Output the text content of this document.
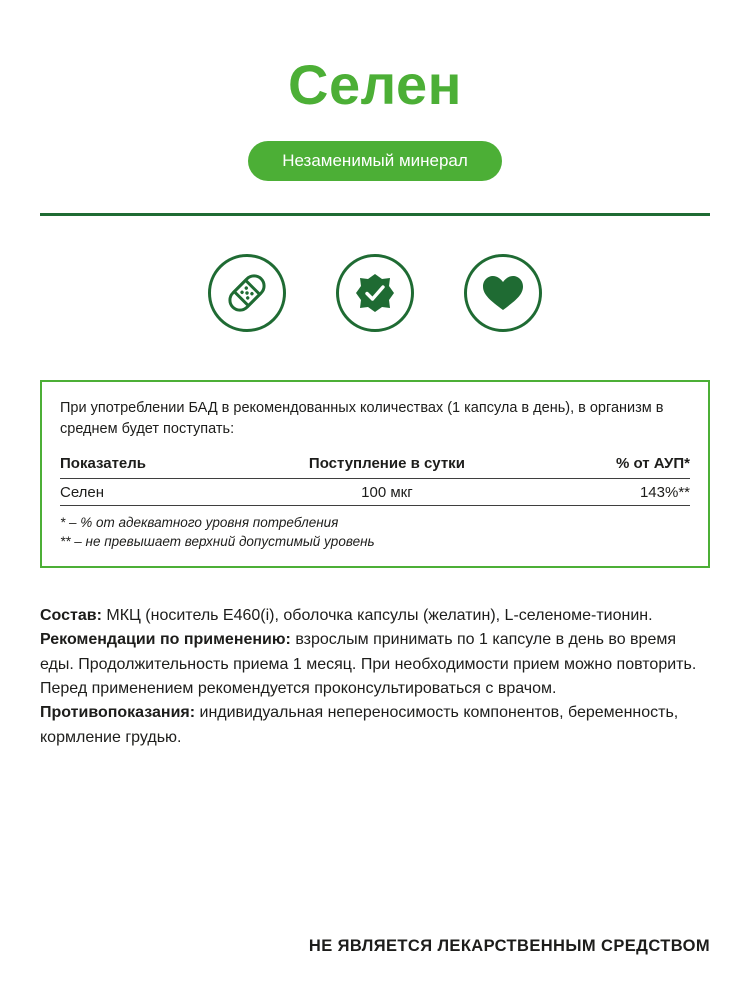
Селен
Незаменимый минерал
При употреблении БАД в рекомендованных количествах (1 капсула в день), в организм в среднем будет поступать:
Показатель	Поступление в сутки	% от АУП*
Селен	100 мкг	143%**
* – % от адекватного уровня потребления
** – не превышает верхний допустимый уровень

Состав: МКЦ (носитель Е460(i), оболочка капсулы (желатин), L-селеноме-тионин.

Рекомендации по применению: взрослым принимать по 1 капсуле в день во время еды. Продолжительность приема 1 месяц. При необходимости прием можно повторить. Перед применением рекомендуется проконсультироваться с врачом.

Противопоказания: индивидуальная непереносимость компонентов, беременность, кормление грудью.

НЕ ЯВЛЯЕТСЯ ЛЕКАРСТВЕННЫМ СРЕДСТВОМ
